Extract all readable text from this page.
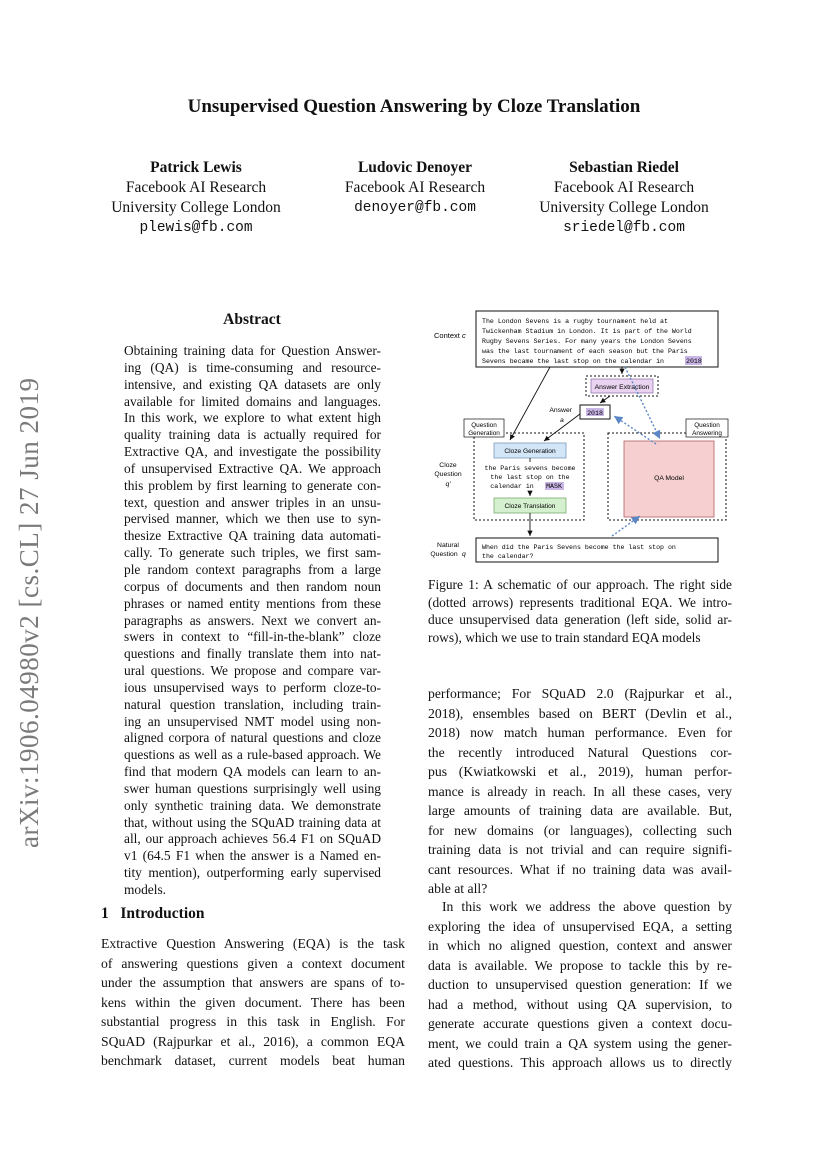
Unsupervised Question Answering by Cloze Translation
Patrick Lewis
Facebook AI Research
University College London
plewis@fb.com
Ludovic Denoyer
Facebook AI Research
denoyer@fb.com
Sebastian Riedel
Facebook AI Research
University College London
sriedel@fb.com
arXiv:1906.04980v2 [cs.CL] 27 Jun 2019
Abstract
Obtaining training data for Question Answer-
ing (QA) is time-consuming and resource-
intensive, and existing QA datasets are only
available for limited domains and languages.
In this work, we explore to what extent high
quality training data is actually required for
Extractive QA, and investigate the possibility
of unsupervised Extractive QA. We approach
this problem by first learning to generate con-
text, question and answer triples in an unsu-
pervised manner, which we then use to syn-
thesize Extractive QA training data automati-
cally. To generate such triples, we first sam-
ple random context paragraphs from a large
corpus of documents and then random noun
phrases or named entity mentions from these
paragraphs as answers. Next we convert an-
swers in context to “fill-in-the-blank” cloze
questions and finally translate them into nat-
ural questions. We propose and compare var-
ious unsupervised ways to perform cloze-to-
natural question translation, including train-
ing an unsupervised NMT model using non-
aligned corpora of natural questions and cloze
questions as well as a rule-based approach. We
find that modern QA models can learn to an-
swer human questions surprisingly well using
only synthetic training data. We demonstrate
that, without using the SQuAD training data at
all, our approach achieves 56.4 F1 on SQuAD
v1 (64.5 F1 when the answer is a Named en-
tity mention), outperforming early supervised
models.
Context c
The London Sevens is a rugby tournament held at
Twickenham Stadium in London. It is part of the World
Rugby Sevens Series. For many years the London Sevens
was the last tournament of each season but the Paris
Sevens became the last stop on the calendar in	2018
Answer Extraction
Answer
a
2018
Question
Generation
Question
Answering
QA Model
Cloze Generation
Cloze
Question
q'
the Paris sevens become
the last stop on the
calendar in MASK
Cloze Translation
Natural
Question q
When did the Paris Sevens become the last stop on
the calendar?
Figure 1: A schematic of our approach. The right side
(dotted arrows) represents traditional EQA. We intro-
duce unsupervised data generation (left side, solid ar-
rows), which we use to train standard EQA models
performance; For SQuAD 2.0 (Rajpurkar et al.,
2018), ensembles based on BERT (Devlin et al.,
2018) now match human performance. Even for
the recently introduced Natural Questions cor-
pus (Kwiatkowski et al., 2019), human perfor-
mance is already in reach. In all these cases, very
large amounts of training data are available. But,
for new domains (or languages), collecting such
training data is not trivial and can require signifi-
cant resources. What if no training data was avail-
able at all?
In this work we address the above question by
exploring the idea of unsupervised EQA, a setting
in which no aligned question, context and answer
data is available. We propose to tackle this by re-
duction to unsupervised question generation: If we
had a method, without using QA supervision, to
generate accurate questions given a context docu-
ment, we could train a QA system using the gener-
ated questions. This approach allows us to directly
1 Introduction
Extractive Question Answering (EQA) is the task
of answering questions given a context document
under the assumption that answers are spans of to-
kens within the given document. There has been
substantial progress in this task in English. For
SQuAD (Rajpurkar et al., 2016), a common EQA
benchmark dataset, current models beat human
